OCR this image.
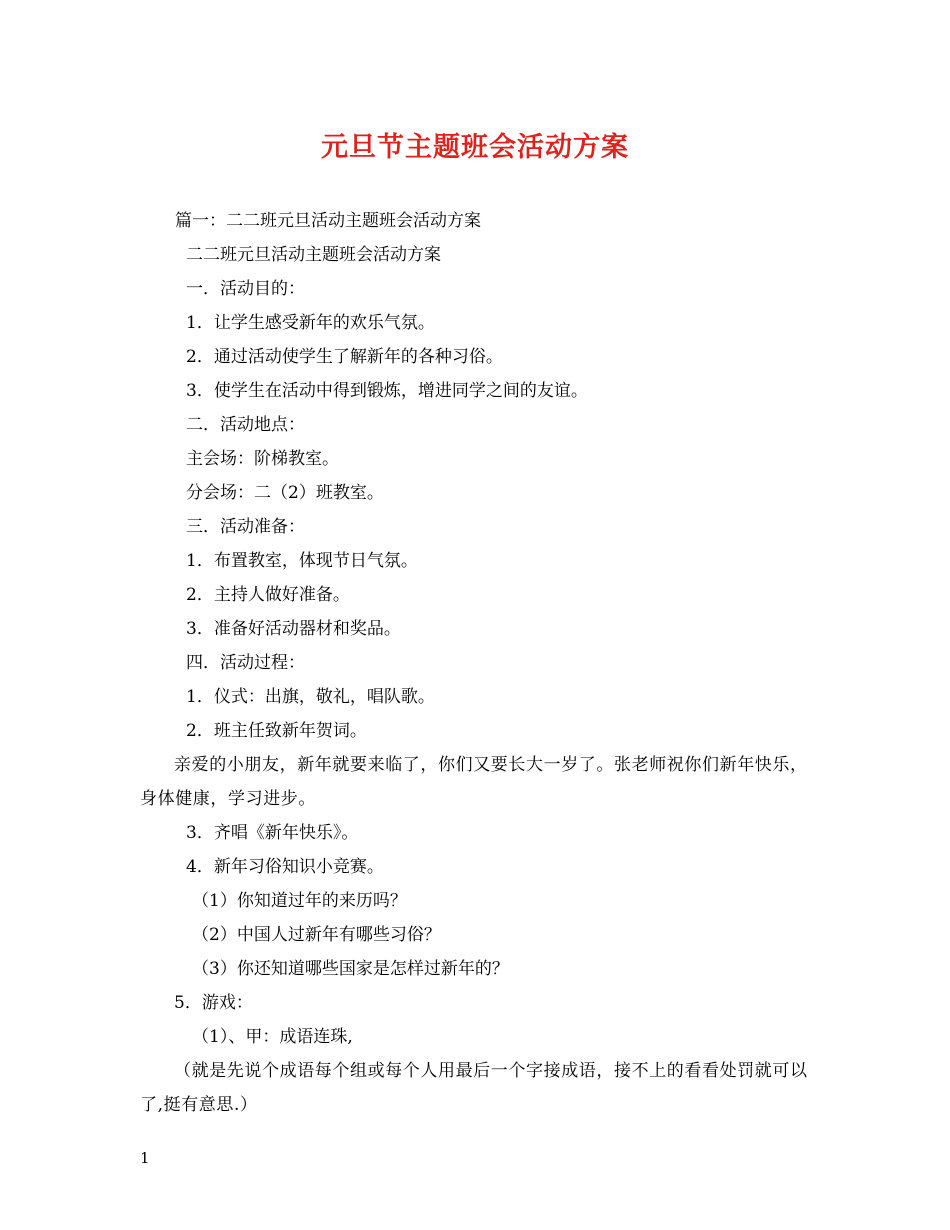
元旦节主题班会活动方案
篇一：二二班元旦活动主题班会活动方案
二二班元旦活动主题班会活动方案
一．活动目的：
1．让学生感受新年的欢乐气氛。
2．通过活动使学生了解新年的各种习俗。
3．使学生在活动中得到锻炼，增进同学之间的友谊。
二．活动地点：
主会场：阶梯教室。
分会场：二（2）班教室。
三．活动准备：
1．布置教室，体现节日气氛。
2．主持人做好准备。
3．准备好活动器材和奖品。
四．活动过程：
1．仪式：出旗，敬礼，唱队歌。
2．班主任致新年贺词。
亲爱的小朋友，新年就要来临了，你们又要长大一岁了。张老师祝你们新年快乐，身体健康，学习进步。
3．齐唱《新年快乐》。
4．新年习俗知识小竞赛。
（1）你知道过年的来历吗？
（2）中国人过新年有哪些习俗？
（3）你还知道哪些国家是怎样过新年的？
5．游戏：
（1）、甲：成语连珠,
（就是先说个成语每个组或每个人用最后一个字接成语，接不上的看看处罚就可以了,挺有意思.）
1
